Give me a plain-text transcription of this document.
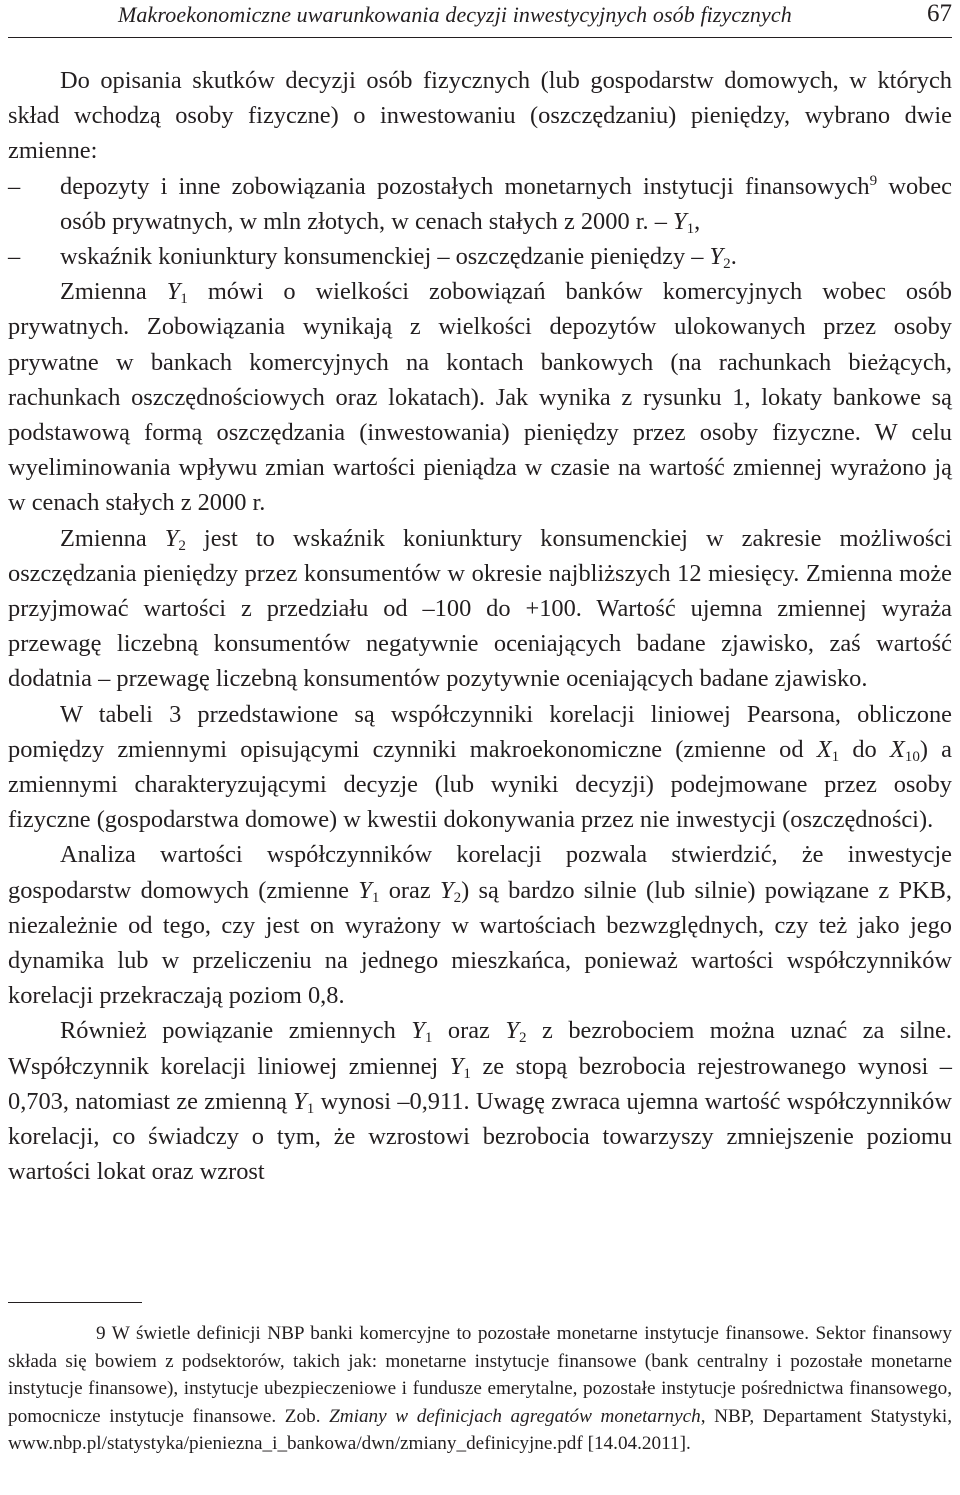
Makroekonomiczne uwarunkowania decyzji inwestycyjnych osób fizycznych	67

Do opisania skutków decyzji osób fizycznych (lub gospodarstw domowych, w których skład wchodzą osoby fizyczne) o inwestowaniu (oszczędzaniu) pieniędzy, wybrano dwie zmienne:

– depozyty i inne zobowiązania pozostałych monetarnych instytucji finansowych$^9$ wobec osób prywatnych, w mln złotych, w cenach stałych z 2000 r. – $Y_1$,

– wskaźnik koniunktury konsumenckiej – oszczędzanie pieniędzy – $Y_2$.

Zmienna $Y_1$ mówi o wielkości zobowiązań banków komercyjnych wobec osób prywatnych. Zobowiązania wynikają z wielkości depozytów ulokowanych przez osoby prywatne w bankach komercyjnych na kontach bankowych (na rachunkach bieżących, rachunkach oszczędnościowych oraz lokatach). Jak wynika z rysunku 1, lokaty bankowe są podstawową formą oszczędzania (inwestowania) pieniędzy przez osoby fizyczne. W celu wyeliminowania wpływu zmian wartości pieniądza w czasie na wartość zmiennej wyrażono ją w cenach stałych z 2000 r.

Zmienna $Y_2$ jest to wskaźnik koniunktury konsumenckiej w zakresie możliwości oszczędzania pieniędzy przez konsumentów w okresie najbliższych 12 miesięcy. Zmienna może przyjmować wartości z przedziału od –100 do +100. Wartość ujemna zmiennej wyraża przewagę liczebną konsumentów negatywnie oceniających badane zjawisko, zaś wartość dodatnia – przewagę liczebną konsumentów pozytywnie oceniających badane zjawisko.

W tabeli 3 przedstawione są współczynniki korelacji liniowej Pearsona, obliczone pomiędzy zmiennymi opisującymi czynniki makroekonomiczne (zmienne od $X_1$ do $X_{10}$) a zmiennymi charakteryzującymi decyzje (lub wyniki decyzji) podejmowane przez osoby fizyczne (gospodarstwa domowe) w kwestii dokonywania przez nie inwestycji (oszczędności).

Analiza wartości współczynników korelacji pozwala stwierdzić, że inwestycje gospodarstw domowych (zmienne $Y_1$ oraz $Y_2$) są bardzo silnie (lub silnie) powiązane z PKB, niezależnie od tego, czy jest on wyrażony w wartościach bezwzględnych, czy też jako jego dynamika lub w przeliczeniu na jednego mieszkańca, ponieważ wartości współczynników korelacji przekraczają poziom 0,8.

Również powiązanie zmiennych $Y_1$ oraz $Y_2$ z bezrobociem można uznać za silne. Współczynnik korelacji liniowej zmiennej $Y_1$ ze stopą bezrobocia rejestrowanego wynosi –0,703, natomiast ze zmienną $Y_1$ wynosi –0,911. Uwagę zwraca ujemna wartość współczynników korelacji, co świadczy o tym, że wzrostowi bezrobocia towarzyszy zmniejszenie poziomu wartości lokat oraz wzrost

9 W świetle definicji NBP banki komercyjne to pozostałe monetarne instytucje finansowe. Sektor finansowy składa się bowiem z podsektorów, takich jak: monetarne instytucje finansowe (bank centralny i pozostałe monetarne instytucje finansowe), instytucje ubezpieczeniowe i fundusze emerytalne, pozostałe instytucje pośrednictwa finansowego, pomocnicze instytucje finansowe. Zob. Zmiany w definicjach agregatów monetarnych, NBP, Departament Statystyki, www.nbp.pl/statystyka/pieniezna_i_bankowa/dwn/zmiany_definicyjne.pdf [14.04.2011].
